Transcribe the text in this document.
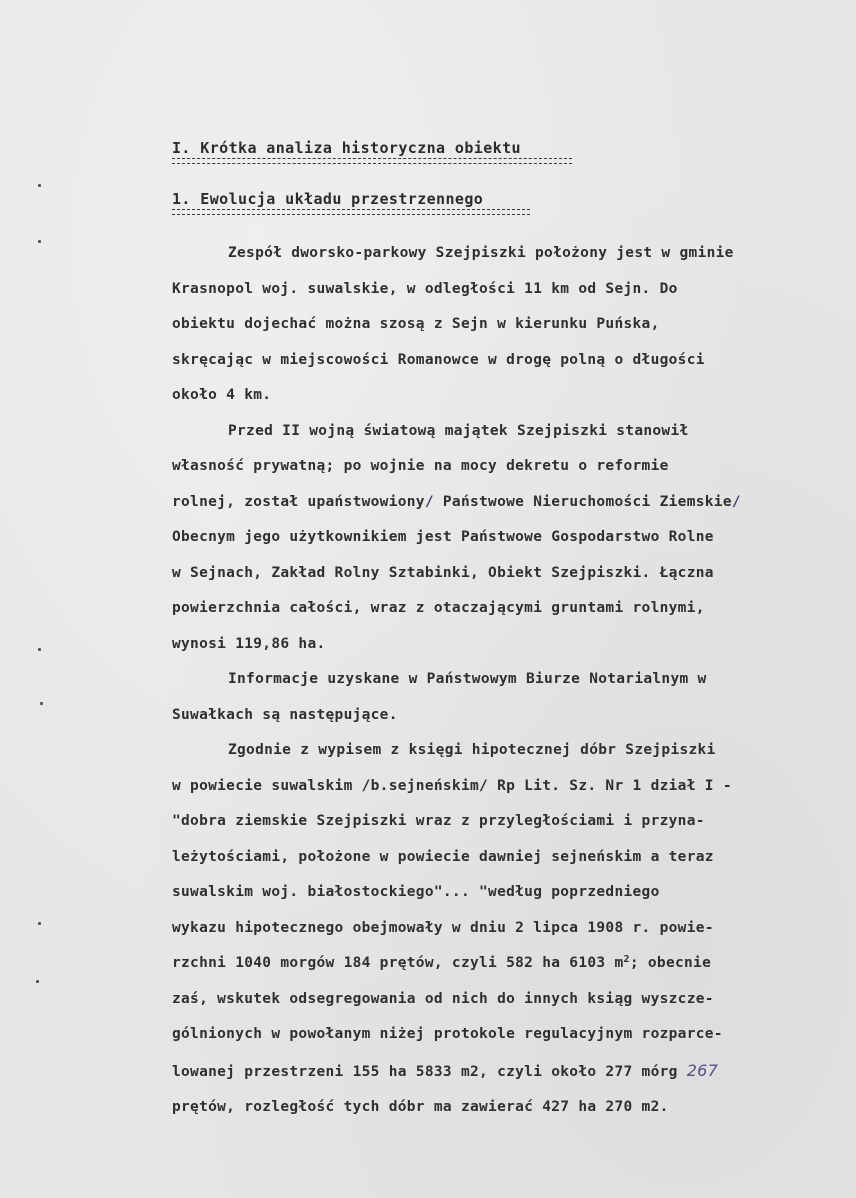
I. Krótka analiza historyczna obiektu
1. Ewolucja układu przestrzennego

Zespół dworsko-parkowy Szejpiszki położony jest w gminie
Krasnopol woj. suwalskie, w odległości 11 km od Sejn. Do
obiektu dojechać można szosą z Sejn w kierunku Puńska,
skręcając w miejscowości Romanowce w drogę polną o długości
około 4 km.

Przed II wojną światową majątek Szejpiszki stanowił
własność prywatną; po wojnie na mocy dekretu o reformie
rolnej, został upaństwowiony/ Państwowe Nieruchomości Ziemskie/
Obecnym jego użytkownikiem jest Państwowe Gospodarstwo Rolne
w Sejnach, Zakład Rolny Sztabinki, Obiekt Szejpiszki. Łączna
powierzchnia całości, wraz z otaczającymi gruntami rolnymi,
wynosi 119,86 ha.

Informacje uzyskane w Państwowym Biurze Notarialnym w
Suwałkach są następujące.

Zgodnie z wypisem z księgi hipotecznej dóbr Szejpiszki
w powiecie suwalskim /b.sejneńskim/ Rp Lit. Sz. Nr 1 dział I -
"dobra ziemskie Szejpiszki wraz z przyległościami i przyna-
leżytościami, położone w powiecie dawniej sejneńskim a teraz
suwalskim woj. białostockiego"... "według poprzedniego
wykazu hipotecznego obejmowały w dniu 2 lipca 1908 r. powie-
rzchni 1040 morgów 184 prętów, czyli 582 ha 6103 $m^2$; obecnie
zaś, wskutek odsegregowania od nich do innych ksiąg wyszcze-
gólnionych w powołanym niżej protokole regulacyjnym rozparce-
lowanej przestrzeni 155 ha 5833 m2, czyli około 277 mórg 267
prętów, rozległość tych dóbr ma zawierać 427 ha 270 m2.
